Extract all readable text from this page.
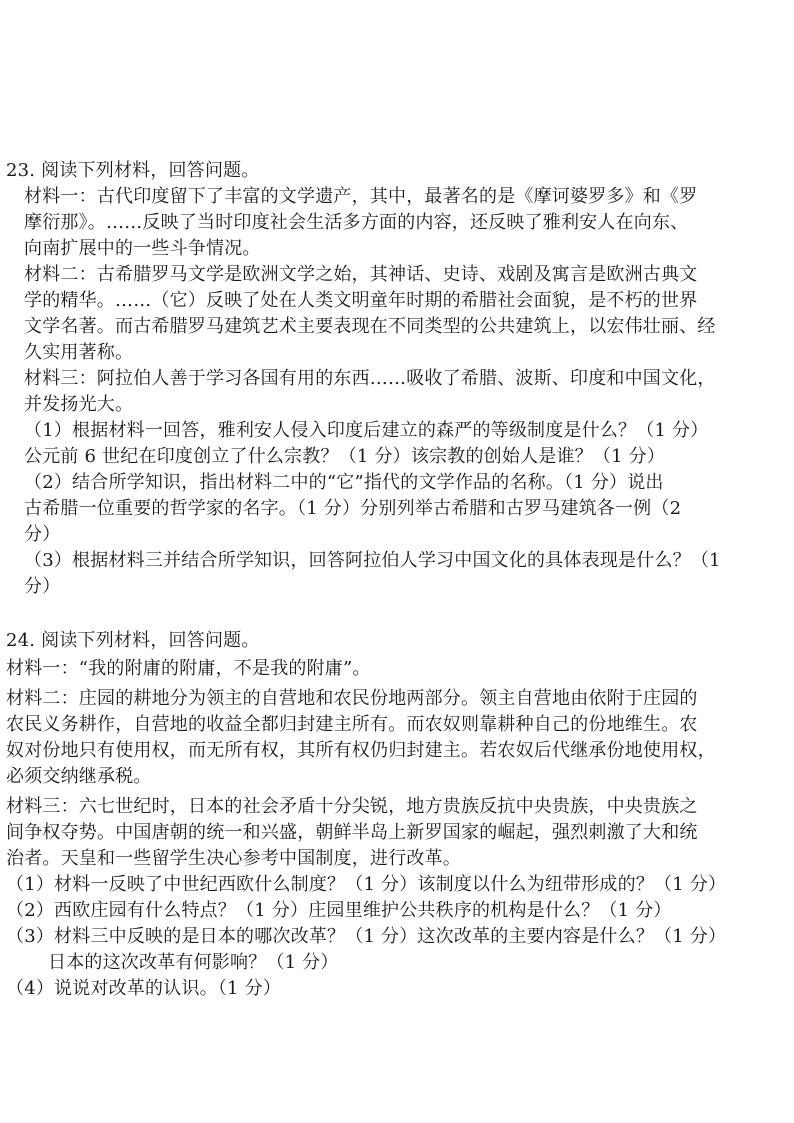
23. 阅读下列材料，回答问题。
材料一：古代印度留下了丰富的文学遗产，其中，最著名的是《摩诃婆罗多》和《罗
摩衍那》。……反映了当时印度社会生活多方面的内容，还反映了雅利安人在向东、
向南扩展中的一些斗争情况。
材料二：古希腊罗马文学是欧洲文学之始，其神话、史诗、戏剧及寓言是欧洲古典文
学的精华。……（它）反映了处在人类文明童年时期的希腊社会面貌，是不朽的世界
文学名著。而古希腊罗马建筑艺术主要表现在不同类型的公共建筑上，以宏伟壮丽、经
久实用著称。
材料三：阿拉伯人善于学习各国有用的东西……吸收了希腊、波斯、印度和中国文化，
并发扬光大。
（1）根据材料一回答，雅利安人侵入印度后建立的森严的等级制度是什么？（1 分）
公元前 6 世纪在印度创立了什么宗教？（1 分）该宗教的创始人是谁？（1 分）
（2）结合所学知识，指出材料二中的“它”指代的文学作品的名称。（1 分）说出
古希腊一位重要的哲学家的名字。（1 分）分别列举古希腊和古罗马建筑各一例（2
分）
（3）根据材料三并结合所学知识，回答阿拉伯人学习中国文化的具体表现是什么？（1
分）
24. 阅读下列材料，回答问题。
材料一：“我的附庸的附庸，不是我的附庸”。
材料二：庄园的耕地分为领主的自营地和农民份地两部分。领主自营地由依附于庄园的
农民义务耕作，自营地的收益全都归封建主所有。而农奴则靠耕种自己的份地维生。农
奴对份地只有使用权，而无所有权，其所有权仍归封建主。若农奴后代继承份地使用权，
必须交纳继承税。
材料三：六七世纪时，日本的社会矛盾十分尖锐，地方贵族反抗中央贵族，中央贵族之
间争权夺势。中国唐朝的统一和兴盛，朝鲜半岛上新罗国家的崛起，强烈刺激了大和统
治者。天皇和一些留学生决心参考中国制度，进行改革。
（1）材料一反映了中世纪西欧什么制度？（1 分）该制度以什么为纽带形成的？（1 分）
（2）西欧庄园有什么特点？（1 分）庄园里维护公共秩序的机构是什么？（1 分）
（3）材料三中反映的是日本的哪次改革？（1 分）这次改革的主要内容是什么？（1 分）
日本的这次改革有何影响？（1 分）
（4）说说对改革的认识。（1 分）
